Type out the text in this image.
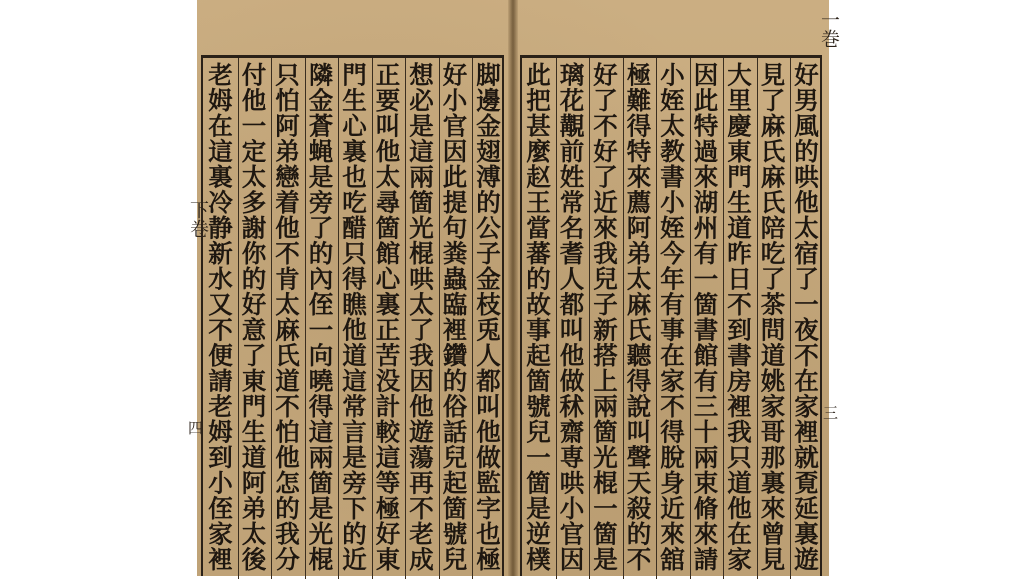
脚邊金翅溥的公子金枝兎人都叫他做監字也極
好小官因此提句粪蟲臨裡鑽的俗話兒起箇號兒
想必是這兩箇光棍哄太了我因他遊蕩再不老成
正要叫他太尋箇館心裏正苦没計較這等極好東
門生心裏也吃醋只得瞧他道這常言是旁下的近
隣金蒼蝇是旁了的內侄一向曉得這兩箇是光棍
只怕阿弟戀着他不肯太麻氏道不怕他怎的我分
付他一定太多謝你的好意了東門生道阿弟太後
老姆在這裏冷静新水又不便請老姆到小侄家裡
下卷
四	好男風的哄他太宿了一夜不在家裡就覔延裏遊
見了麻氏麻氏陪吃了茶問道姚家哥那裏來曾見
大里慶東門生道昨日不到書房裡我只道他在家
因此特過來湖州有一箇書館有三十兩束脩來請
小姪太教書小姪今年有事在家不得脫身近來舘
極難得特來薦阿弟太麻氏聽得說叫聲天殺的不
好了不好了近來我兒子新搭上兩箇光棍一箇是
璃花覯前姓常名耆人都叫他做秫齋専哄小官因
此把甚麼赵王當蕃的故事起箇號兒一箇是逆樸
一巻
三
